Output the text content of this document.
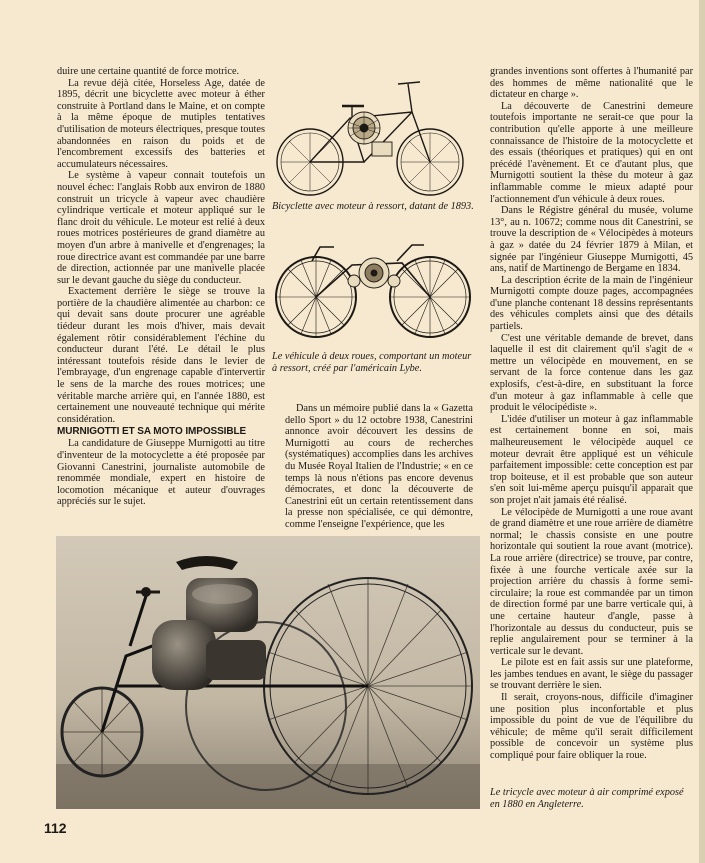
duire une certaine quantité de force motrice.

La revue déjà citée, Horseless Age, datée de 1895, décrit une bicyclette avec moteur à éther construite à Portland dans le Maine, et on compte à la même époque de mutiples tentatives d'utilisation de moteurs électriques, presque toutes abandonnées en raison du poids et de l'encombrement excessifs des batteries et accumulateurs nécessaires.

Le système à vapeur connait toutefois un nouvel échec: l'anglais Robb aux environ de 1880 construit un tricycle à vapeur avec chaudière cylindrique verticale et moteur appliqué sur le flanc droit du véhicule. Le moteur est relié à deux roues motrices postérieures de grand diamètre au moyen d'un arbre à manivelle et d'engrenages; la roue directrice avant est commandée par une barre de direction, actionnée par une manivelle placée sur le devant gauche du siège du conducteur.

Exactement derrière le siège se trouve la portière de la chaudière alimentée au charbon: ce qui devait sans doute procurer une agréable tiédeur durant les mois d'hiver, mais devait également rôtir considérablement l'échine du conducteur durant l'été. Le détail le plus intéressant toutefois réside dans le levier de l'embrayage, d'un engrenage capable d'intervertir le sens de la marche des roues motrices; une véritable marche arrière qui, en l'année 1880, est certainement une nouveauté technique qui mérite considération.

MURNIGOTTI ET SA MOTO IMPOSSIBLE

La candidature de Giuseppe Murnigotti au titre d'inventeur de la motocyclette a été proposée par Giovanni Canestrini, journaliste automobile de renommée mondiale, expert en histoire de locomotion mécanique et auteur d'ouvrages appréciés sur le sujet.

Bicyclette avec moteur à ressort, datant de 1893.
Le véhicule à deux roues, comportant un moteur à ressort, créé par l'américain Lybe.

Dans un mémoire publié dans la « Gazetta dello Sport » du 12 octobre 1938, Canestrini annonce avoir découvert les dessins de Murnigotti au cours de recherches (systématiques) accomplies dans les archives du Musée Royal Italien de l'Industrie; « en ce temps là nous n'étions pas encore devenus démocrates, et donc la découverte de Canestrini eût un certain retentissement dans la presse non spécialisée, ce qui démontre, comme l'enseigne l'expérience, que les

grandes inventions sont offertes à l'humanité par des hommes de même nationalité que le dictateur en charge ».

La découverte de Canestrini demeure toutefois importante ne serait-ce que pour la contribution qu'elle apporte à une meilleure connaissance de l'histoire de la motocyclette et des essais (théoriques et pratiques) qui en ont précédé l'avènement. Et ce d'autant plus, que Murnigotti soutient la thèse du moteur à gaz inflammable comme le mieux adapté pour l'actionnement d'un véhicule à deux roues.

Dans le Régistre général du musée, volume 13°, au n. 10672; comme nous dit Canestrini, se trouve la description de « Vélocipèdes à moteurs à gaz » datée du 24 février 1879 à Milan, et signée par l'ingénieur Giuseppe Murnigotti, 45 ans, natif de Martinengo de Bergame en 1834.

La description écrite de la main de l'ingénieur Murnigotti compte douze pages, accompagnées d'une planche contenant 18 dessins représentants des véhicules complets ainsi que des détails partiels.

C'est une véritable demande de brevet, dans laquelle il est dit clairement qu'il s'agit de « mettre un vélocipède en mouvement, en se servant de la force contenue dans les gaz explosifs, c'est-à-dire, en substituant la force d'un moteur à gaz inflammable à celle que produit le vélocipédiste ».

L'idée d'utiliser un moteur à gaz inflammable est certainement bonne en soi, mais malheureusement le vélocipède auquel ce moteur devrait être appliqué est un véhicule parfaitement impossible: cette conception est par trop boiteuse, et il est probable que son auteur s'en soit lui-même aperçu puisqu'il apparait que son projet n'ait jamais été réalisé.

Le vélocipède de Murnigotti a une roue avant de grand diamètre et une roue arrière de diamètre normal; le chassis consiste en une poutre horizontale qui soutient la roue avant (motrice). La roue arrière (directrice) se trouve, par contre, fixée à une fourche verticale axée sur la projection arrière du chassis à forme semi-circulaire; la roue est commandée par un timon de direction formé par une barre verticale qui, à une certaine hauteur d'angle, passe à l'horizontale au dessus du conducteur, puis se replie angulairement pour se terminer à la verticale sur le devant.

Le pilote est en fait assis sur une plateforme, les jambes tendues en avant, le siège du passager se trouvant derrière le sien.

Il serait, croyons-nous, difficile d'imaginer une position plus inconfortable et plus impossible du point de vue de l'équilibre du véhicule; de même qu'il serait difficilement possible de concevoir un système plus compliqué pour faire obliquer la roue.

Le tricycle avec moteur à air comprimé exposé en 1880 en Angleterre.
112
